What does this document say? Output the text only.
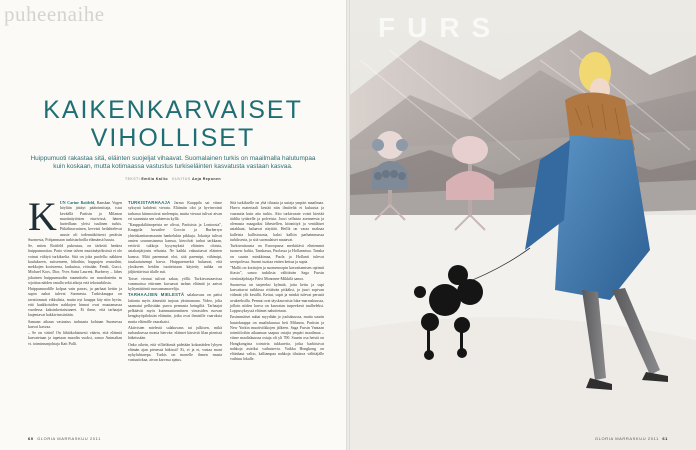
puheenaihe
KAIKENKARVAISET
VIHOLLISET
Huippumuoti rakastaa sitä, eläinten suojeljat vihaavat. Suomalainen turkis on maailmalla halutumpaa kuin koskaan, mutta kotimaassa vastustus turkiseläinten kasvatusta vastaan kasvaa.
TEKSTI Emilia Kallio KUVITUS Anja Reponen

KUN Carine Roitfeld, Ranskan Vogen höyläin jättäyt päätoimittaja, istui keväällä Pariisin ja Milanon muotinäytösten eturivissä, hänen harteillaan yleisi tuulinen turkis. Pitkälinavarinen, keveisti heilahtelevat asuste oli todennäköisesti peräisin Suomesta, Pohjanmaan turkistarhoilla elämänsä luusta.

Se, miten Roitfeld pukeutuu, on tärkeää henkea huippumuotiaa. Pario viime talven muotinäytöksissä ei ole voinut välttyä turkikselta. Sitä on joka puolella: näkkien kaulukseen, suitsemeen, hihoihin, huppujen reunoihin, mekkojen koristeena, laukuissa, vöissään. Fendi, Gucci, Michael Kors, Dior, Yves Saint Laurent, Burberry – lähes jokainen huippumuodin suunnittelu on muodostettu m sijoittaa näiden omalla sekä aikoja eriä tekoturkiksia.

Huippumuodille kolpaa vain parras, ja parhaat kettin ja supin nahat tulevat Suomesta. Turkiskauppa on tavattomasti eikkulista, mutta nyt kauppa käy niin hyvin, että kaakkoisiden nahkojen hinnat ovat muutamassa vuodessa kaksinkertaistuneet. Ei ihme, että tarhaajat laajentavat hakkivirnsiirtään.

Samaan aikaan vastustus tarhausta kohtaan Suomessa kasvoi kasvaa.

– Se on väärä! On lähtökohtaisesti väärin, että eläimiä kasvatetaan ja tapetaan muodin vuoksi, sanoo Animalian vt. toiminnanjohtaja Kati Pulli.

TURKISTARHAAJA Jarmo Kauppila sai viime syksynä kahdesti vierata. Eläimiin olot ja hyvinvointi tarhassa kiinnostivat molempia, mutta vieraat tulivat aivan eri suunnista sen suhteesta kyllä.

"Kauppakiläinopeista ne olivat, Pariisista ja Lontoosta", Kauppila kuvailee Goccin ja Burberryn yhteiskanttaromaanin hankelukin pikkuja. Jokaisja tulivat omien sourunsiannsa kanssa, kierolvät tarhat tarkkaan, eettiviä tukkoja kysymyksiä eläinten oloista, asiakasjärjostu rehuista. Ne kaikki vakuuttavat eläinten kanssa. Mitä paremmat olot, sitä paremipi, vähimipi, tasalaatuisempi karva. Huippuemerkit haluavat, että yksikseen heidän tuotteistaan käytetty nahka on jäljitettävissä tilalle asti.

Toiset vieraat tulivat sakaa, yöllä. Turkisvastaavissa vammoissa ettirmen kuvaavat tarhan eläimiä ja aaivat kyltymättöntä ruuvasmanavelija.

TARHAAJIEN MIELESTÄ salakuvaus on paitsi laitonta myös äänestää tarjoaa yksinomaan. Video, jolta saamatui pelkistään purva pennusta heingiltä. Tarhaajat pelkäävät myös kuinmuntormiinen vierasiden ruovan kengäsyöpiloksiin eläimiin, jotka ovat ihmisille vaaroksia mutta eläimille vaarakatsi.

Aktivisien mielestä salakuvaus tai julkisen, mikä turhauksessa monia hierväa: eläimet kärsivät lilan pienissä häkeissään.

Onko oikein, että villieläimiä pidetään kokonäiden lyhyen elämän ajan pienessä häkissä? Ei, ei ja ei, vastaa moni nykyluhtarepa. Turkis on monelle ihmen musta vastuutirkaa, aivan karvasa ajatus.

Sitä turkikselle on yhä tilausta ja uutaja ympäri maailmaa. Harva materiaali kestää niin ilmiöeltä ei kuluusta ja vaarautta kuin aito turkis. Aito turkisvaate voisit kiertää äidilta tyttärelle ja polveista. Joori sellaista asenneesta ja olemasta maagaiksi lähestellen, kiinnittyä ja venäläiset asiakkaat, haluavat näyttää. Heillä on varaa maksaa kalleista kallistruosta, kaksi kalliin parhaimmassa turkiksesta, ja siiä suomalaiset nautavat.

Turkiseuttausta on Euroopassa merkittävä eliniemmä tuomen: baltia, Tanskassa, Puolassa ja Hollannissa. Tanska on suurin minkkimaa, Puola ja Hollanti tulevat seeripolessa. Suomi tuottaa eniten kettua ja supia.

"Mollii on korttojen ja suomenoopin kasvattamisen optimii fiiasto", sanoo turkiksia välittävän Saga Fursin viestintäjohtaja Päivi Mononen-Mikkilä sanoo.

Suomessa on tarpeeksi kylmää, jotta kettu ja supi kasvattavat tuikkissa riittävän pitkäksi, ja juuri sopivan vähmät ylit kesällä. Kettut, supit ja minkit tulevat perustä avukeeksilla. Pennut ovat täyskasvuisia loka-marraskuussa, jolloin niiden karva on kauvatan turpeekesä tuulheleksi. Loppusyksyssä eläimet nahoitetaan.

Ensimmäiset nahat myydään jo joulukuussa, mutta suurin huutokauppa on maaliskuussa heti Milanon, Pariisin ja New Yorkin muotiviikkojen jälkeen. Saga Fursin Vantaan toimitiloihin aikaansaa saapuu ostajia ympäri maailmaa – viime maaliskuussa ostaja oli yli 700. Suurin osa heistä on Hongkongista toimivia tukkureita, jotka harkitsivat nahkoja asteiksi vaihatsevia. Vaikka Hongkong on eläinhaut valtio, kalliampaa nahkoja tilattava välittäjälle vaihtuu lokalle.

60 GLORIA MARRASKUU 2011
FURS
GLORIA MARRASKUU 2011 61
